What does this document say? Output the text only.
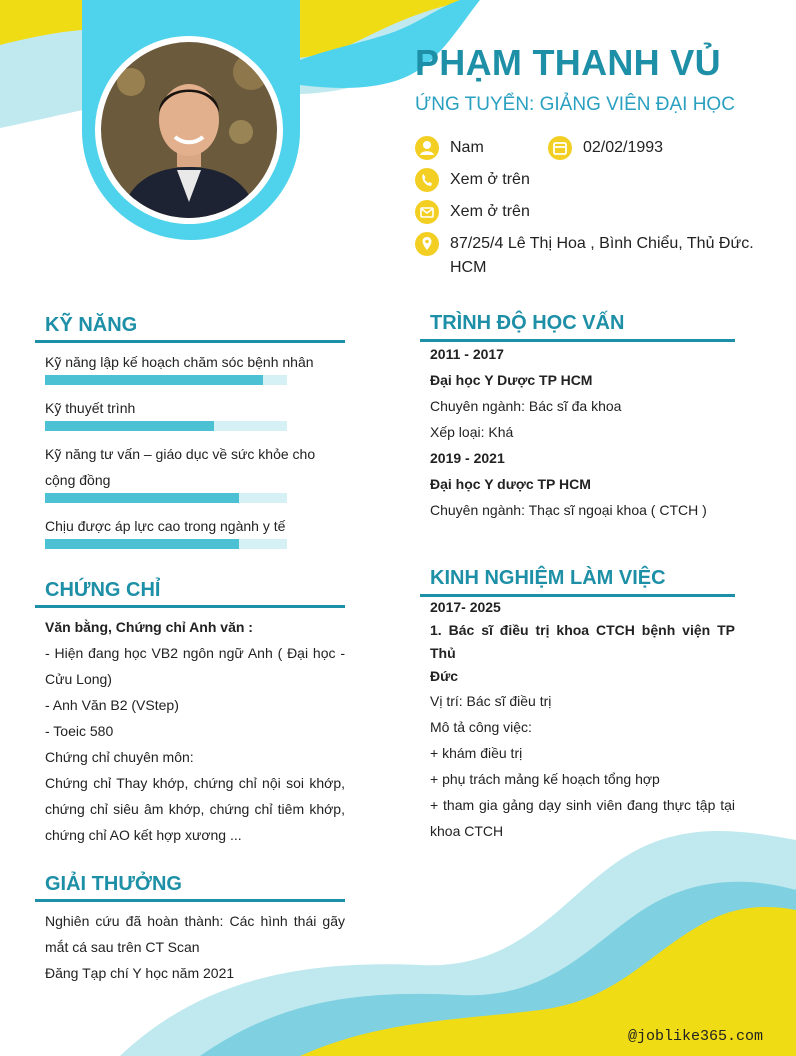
PHẠM THANH VỦ
ỨNG TUYỂN: GIẢNG VIÊN ĐẠI HỌC
Nam	02/02/1993
Xem ở trên
Xem ở trên
87/25/4 Lê Thị Hoa , Bình Chiểu, Thủ Đức.
HCM
KỸ NĂNG
Kỹ năng lập kế hoạch chăm sóc bệnh nhân
Kỹ thuyết trình
Kỹ năng tư vấn – giáo dục về sức khỏe cho
cộng đồng
Chịu được áp lực cao trong ngành y tế
CHỨNG CHỈ
Văn bằng, Chứng chỉ Anh văn :
- Hiện đang học VB2 ngôn ngữ Anh ( Đại học -
Cửu Long)
- Anh Văn B2 (VStep)
- Toeic 580
Chứng chỉ chuyên môn:
Chứng chỉ Thay khớp, chứng chỉ nội soi khớp,
chứng chỉ siêu âm khớp, chứng chỉ tiêm khớp,
chứng chỉ AO kết hợp xương ...
GIẢI THƯỞNG
Nghiên cứu đã hoàn thành: Các hình thái gãy
mắt cá sau trên CT Scan
Đăng Tạp chí Y học năm 2021
TRÌNH ĐỘ HỌC VẤN
2011 - 2017
Đại học Y Dược TP HCM
Chuyên ngành: Bác sĩ đa khoa
Xếp loại: Khá
2019 - 2021
Đại học Y dược TP HCM
Chuyên ngành: Thạc sĩ ngoại khoa ( CTCH )
KINH NGHIỆM LÀM VIỆC
2017- 2025
1. Bác sĩ điều trị khoa CTCH bệnh viện TP Thủ
Đức
Vị trí: Bác sĩ điều trị
Mô tả công việc:
+ khám điều trị
+ phụ trách mảng kế hoạch tổng hợp
+ tham gia gảng dạy sinh viên đang thực tập tại
khoa CTCH
@joblike365.com
